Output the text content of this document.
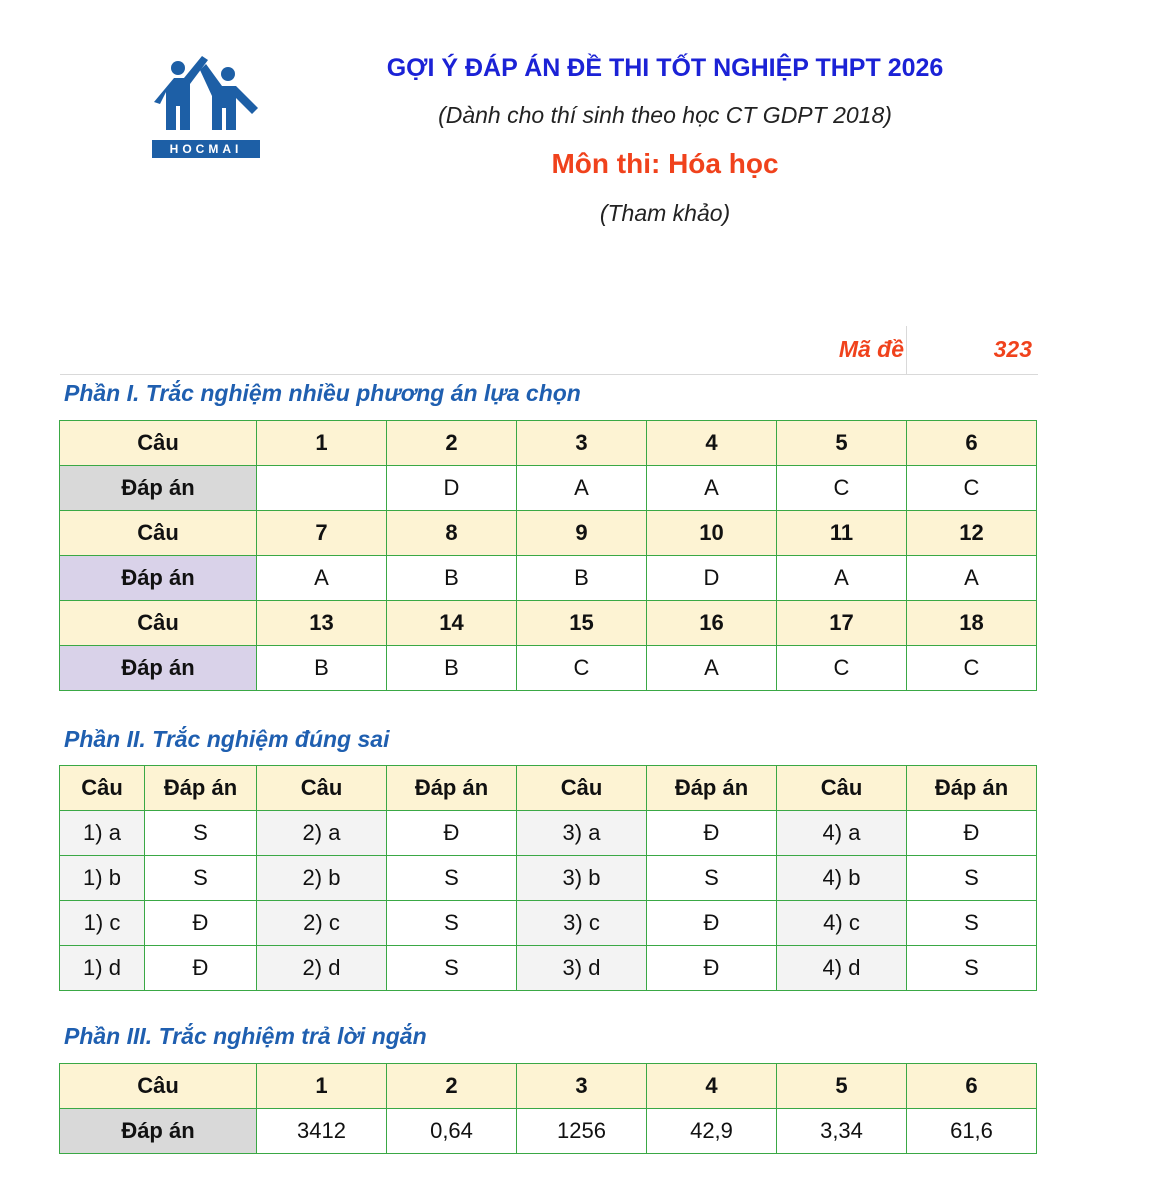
HOCMAI
GỢI Ý ĐÁP ÁN ĐỀ THI TỐT NGHIỆP THPT 2026
(Dành cho thí sinh theo học CT GDPT 2018)
Môn thi: Hóa học
(Tham khảo)
Mã đề	323
Phần I. Trắc nghiệm nhiều phương án lựa chọn
Câu	1	2	3	4	5	6
Đáp án		D	A	A	C	C
Câu	7	8	9	10	11	12
Đáp án	A	B	B	D	A	A
Câu	13	14	15	16	17	18
Đáp án	B	B	C	A	C	C
Phần II. Trắc nghiệm đúng sai
Câu	Đáp án	Câu	Đáp án	Câu	Đáp án	Câu	Đáp án
1) a	S	2) a	Đ	3) a	Đ	4) a	Đ
1) b	S	2) b	S	3) b	S	4) b	S
1) c	Đ	2) c	S	3) c	Đ	4) c	S
1) d	Đ	2) d	S	3) d	Đ	4) d	S
Phần III. Trắc nghiệm trả lời ngắn
Câu	1	2	3	4	5	6
Đáp án	3412	0,64	1256	42,9	3,34	61,6
